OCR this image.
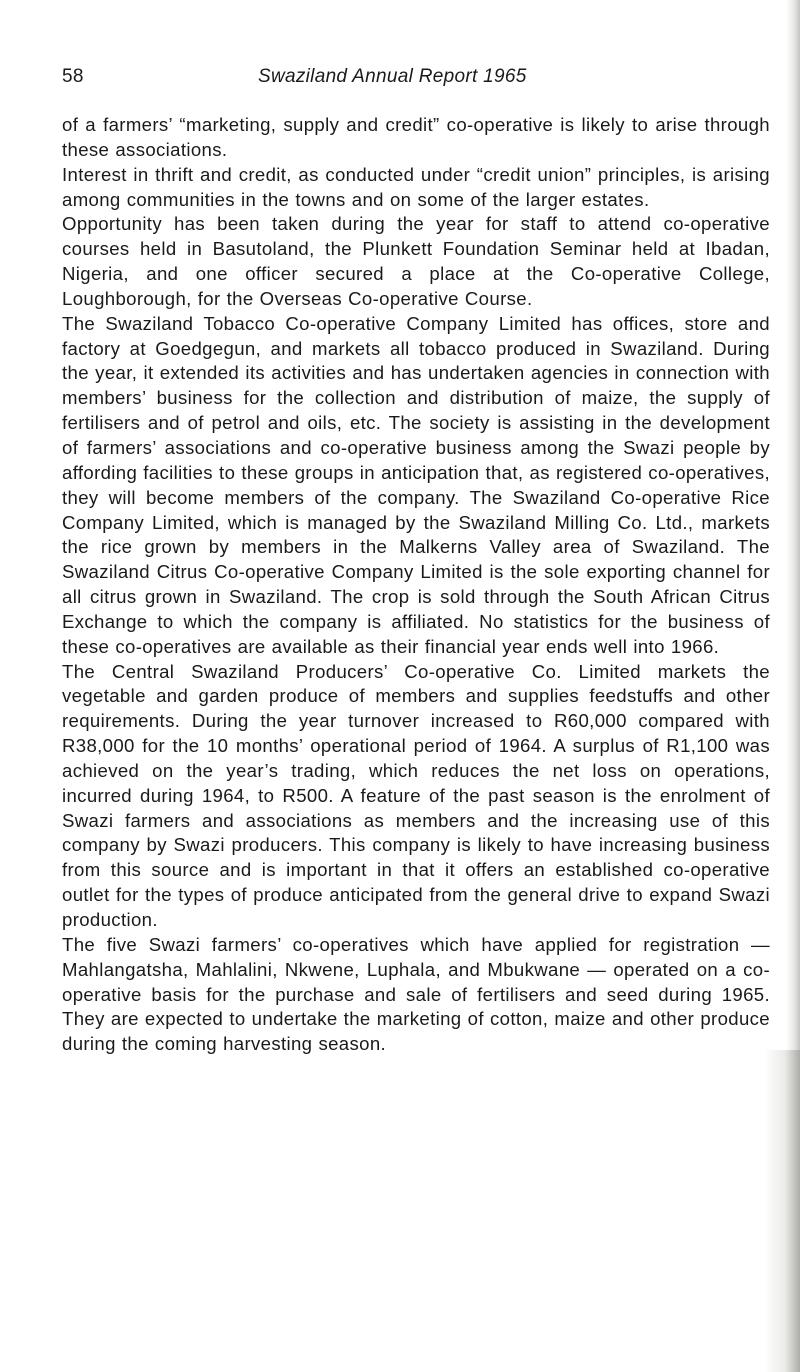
58	Swaziland Annual Report 1965

of a farmers’ “marketing, supply and credit” co-operative is likely to arise through these associations.

Interest in thrift and credit, as conducted under “credit union” principles, is arising among communities in the towns and on some of the larger estates.

Opportunity has been taken during the year for staff to attend co-operative courses held in Basutoland, the Plunkett Foundation Seminar held at Ibadan, Nigeria, and one officer secured a place at the Co-operative College, Loughborough, for the Overseas Co-operative Course.

The Swaziland Tobacco Co-operative Company Limited has offices, store and factory at Goedgegun, and markets all tobacco produced in Swaziland. During the year, it extended its activities and has undertaken agencies in connection with members’ business for the collection and distribution of maize, the supply of fertilisers and of petrol and oils, etc. The society is assisting in the development of farmers’ associations and co-operative business among the Swazi people by affording facilities to these groups in anticipation that, as registered co-operatives, they will become members of the company. The Swaziland Co-operative Rice Company Limited, which is managed by the Swaziland Milling Co. Ltd., markets the rice grown by members in the Malkerns Valley area of Swaziland. The Swaziland Citrus Co-operative Company Limited is the sole exporting channel for all citrus grown in Swaziland. The crop is sold through the South African Citrus Exchange to which the company is affiliated. No statistics for the business of these co-operatives are available as their financial year ends well into 1966.

The Central Swaziland Producers’ Co-operative Co. Limited markets the vegetable and garden produce of members and supplies feedstuffs and other requirements. During the year turnover increased to R60,000 compared with R38,000 for the 10 months’ operational period of 1964. A surplus of R1,100 was achieved on the year’s trading, which reduces the net loss on operations, incurred during 1964, to R500. A feature of the past season is the enrolment of Swazi farmers and associations as members and the increasing use of this company by Swazi producers. This company is likely to have increasing business from this source and is important in that it offers an established co-operative outlet for the types of produce anticipated from the general drive to expand Swazi production.

The five Swazi farmers’ co-operatives which have applied for registration — Mahlangatsha, Mahlalini, Nkwene, Luphala, and Mbukwane — operated on a co-operative basis for the purchase and sale of fertilisers and seed during 1965. They are expected to undertake the marketing of cotton, maize and other produce during the coming harvesting season.
